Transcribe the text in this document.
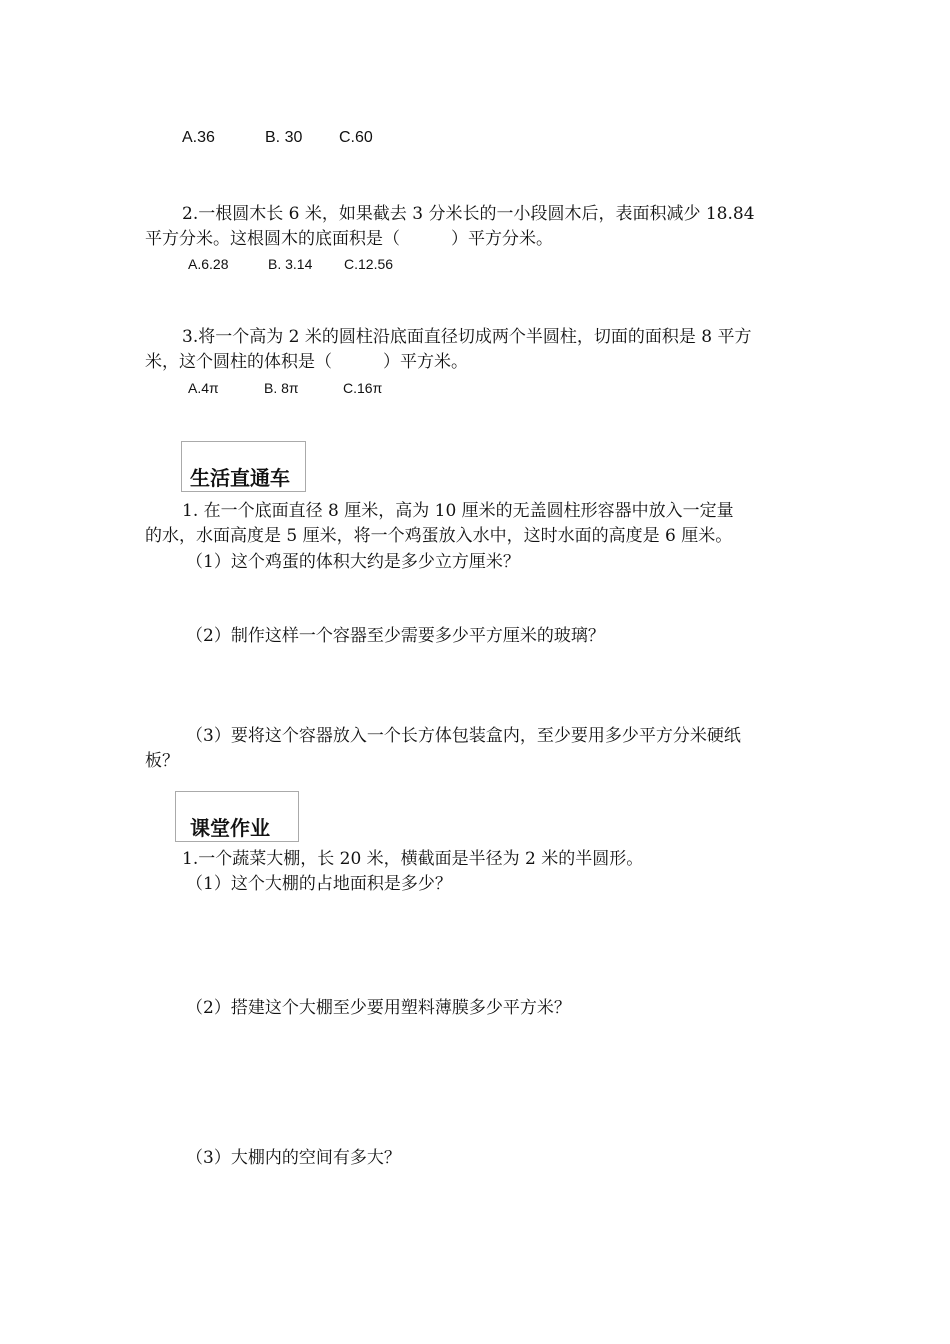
A.36	B. 30 C.60
2.一根圆木长 6 米，如果截去 3 分米长的一小段圆木后，表面积减少 18.84
平方分米。这根圆木的底面积是（　　　）平方分米。
A.6.28	B. 3.14 C.12.56
3.将一个高为 2 米的圆柱沿底面直径切成两个半圆柱，切面的面积是 8 平方
米，这个圆柱的体积是（　　　）平方米。
A.4π	B. 8π	C.16π
生活直通车
1. 在一个底面直径 8 厘米，高为 10 厘米的无盖圆柱形容器中放入一定量
的水，水面高度是 5 厘米，将一个鸡蛋放入水中，这时水面的高度是 6 厘米。
（1）这个鸡蛋的体积大约是多少立方厘米？
（2）制作这样一个容器至少需要多少平方厘米的玻璃？
（3）要将这个容器放入一个长方体包装盒内，至少要用多少平方分米硬纸
板？
课堂作业
1.一个蔬菜大棚，长 20 米，横截面是半径为 2 米的半圆形。
（1）这个大棚的占地面积是多少？
（2）搭建这个大棚至少要用塑料薄膜多少平方米？
（3）大棚内的空间有多大？
